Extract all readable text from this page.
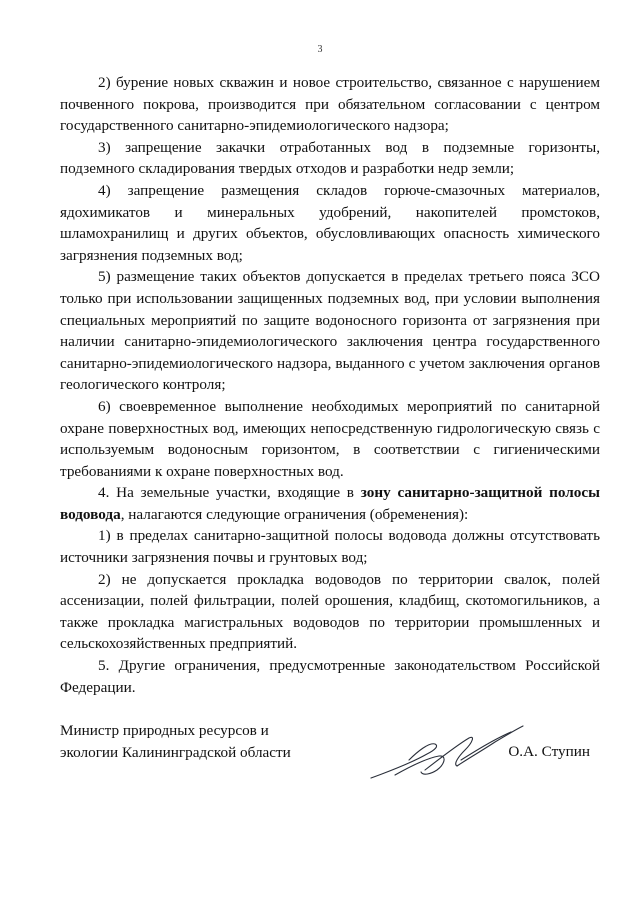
3

2) бурение новых скважин и новое строительство, связанное с нарушением почвенного покрова, производится при обязательном согласовании с центром государственного санитарно-эпидемиологического надзора;

3) запрещение закачки отработанных вод в подземные горизонты, подземного складирования твердых отходов и разработки недр земли;

4) запрещение размещения складов горюче-смазочных материалов, ядохимикатов и минеральных удобрений, накопителей промстоков, шламохранилищ и других объектов, обусловливающих опасность химического загрязнения подземных вод;

5) размещение таких объектов допускается в пределах третьего пояса ЗСО только при использовании защищенных подземных вод, при условии выполнения специальных мероприятий по защите водоносного горизонта от загрязнения при наличии санитарно-эпидемиологического заключения центра государственного санитарно-эпидемиологического надзора, выданного с учетом заключения органов геологического контроля;

6) своевременное выполнение необходимых мероприятий по санитарной охране поверхностных вод, имеющих непосредственную гидрологическую связь с используемым водоносным горизонтом, в соответствии с гигиеническими требованиями к охране поверхностных вод.

4. На земельные участки, входящие в зону санитарно-защитной полосы водовода, налагаются следующие ограничения (обременения):

1) в пределах санитарно-защитной полосы водовода должны отсутствовать источники загрязнения почвы и грунтовых вод;

2) не допускается прокладка водоводов по территории свалок, полей ассенизации, полей фильтрации, полей орошения, кладбищ, скотомогильников, а также прокладка магистральных водоводов по территории промышленных и сельскохозяйственных предприятий.

5. Другие ограничения, предусмотренные законодательством Российской Федерации.

Министр природных ресурсов и
экологии Калининградской области	О.А. Ступин
